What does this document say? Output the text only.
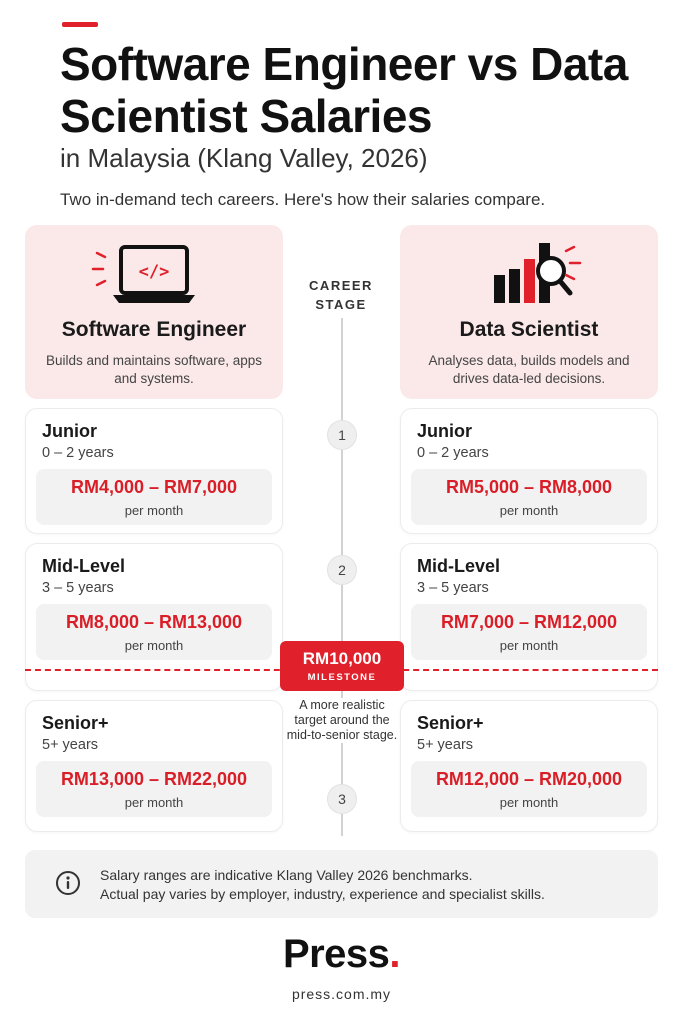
Software Engineer vs Data Scientist Salaries
in Malaysia (Klang Valley, 2026)
Two in-demand tech careers. Here's how their salaries compare.
</>
Software Engineer
Builds and maintains software, apps and systems.
Data Scientist
Analyses data, builds models and drives data-led decisions.
CAREER STAGE
1
2
3
Junior
0 – 2 years
RM4,000 – RM7,000
per month
Mid-Level
3 – 5 years
RM8,000 – RM13,000
per month
Senior+
5+ years
RM13,000 – RM22,000
per month
Junior
0 – 2 years
RM5,000 – RM8,000
per month
Mid-Level
3 – 5 years
RM7,000 – RM12,000
per month
Senior+
5+ years
RM12,000 – RM20,000
per month
RM10,000
MILESTONE
A more realistic target around the mid-to-senior stage.
Salary ranges are indicative Klang Valley 2026 benchmarks.
Actual pay varies by employer, industry, experience and specialist skills.
Press.
press.com.my
